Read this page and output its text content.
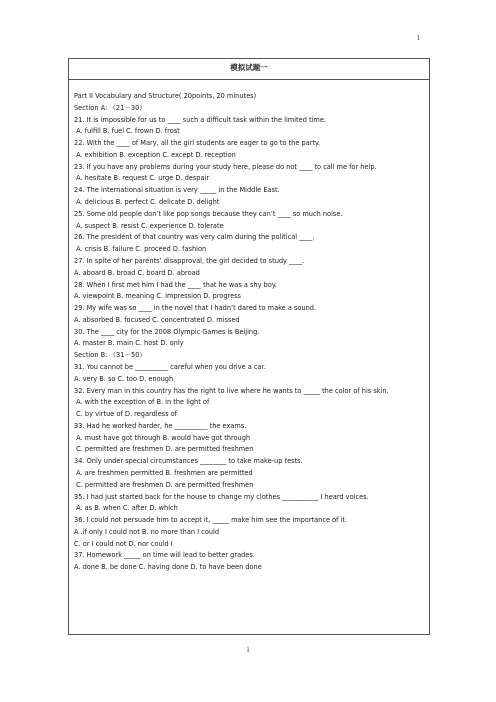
1
模拟试题一
Part II Vocabulary and Structure( 20points, 20 minutes)
Section A: （21－30）
21. It is impossible for us to ____ such a difficult task within the limited time.
A. fulfill B. fuel C. frown D. frost
22. With the ____ of Mary, all the girl students are eager to go to the party.
A. exhibition B. exception C. except D. reception
23. If you have any problems during your study here, please do not ____ to call me for help.
A. hesitate B. request C. urge D. despair
24. The international situation is very _____ in the Middle East.
A. delicious B. perfect C. delicate D. delight
25. Some old people don’t like pop songs because they can’t ____ so much noise.
A. suspect B. resist C. experience D. tolerate
26. The president of that country was very calm during the political ____.
A. crisis B. failure C. proceed D. fashion
27. In spite of her parents’ disapproval, the girl decided to study ____.
A. aboard B. broad C. board D. abroad
28. When I first met him I had the ____ that he was a shy boy.
A. viewpoint B. meaning C. impression D. progress
29. My wife was so ____ in the novel that I hadn’t dared to make a sound.
A. absorbed B. focused C. concentrated D. missed
30. The ____ city for the 2008 Olympic Games is Beijing.
A. master B. main C. host D. only
Section B: （31－50）
31. You cannot be __________ careful when you drive a car.
A. very B. so C. too D. enough
32. Every man in this country has the right to live where he wants to _____ the color of his skin.
A. with the exception of B. in the light of
C. by virtue of D. regardless of
33. Had he worked harder, he __________ the exams.
A. must have got through B. would have got through
C. permitted are freshmen D. are permitted freshmen
34. Only under special circumstances ________ to take make-up tests.
A. are freshmen permitted B. freshmen are permitted
C. permitted are freshmen D. are permitted freshmen
35. I had just started back for the house to change my clothes ___________ I heard voices.
A. as B. when C. after D. which
36. I could not persuade him to accept it, _____ make him see the importance of it.
A .if only I could not B. no more than I could
C. or I could not D. nor could I
37. Homework _____ on time will lead to better grades.
A. done B. be done C. having done D. to have been done
1
